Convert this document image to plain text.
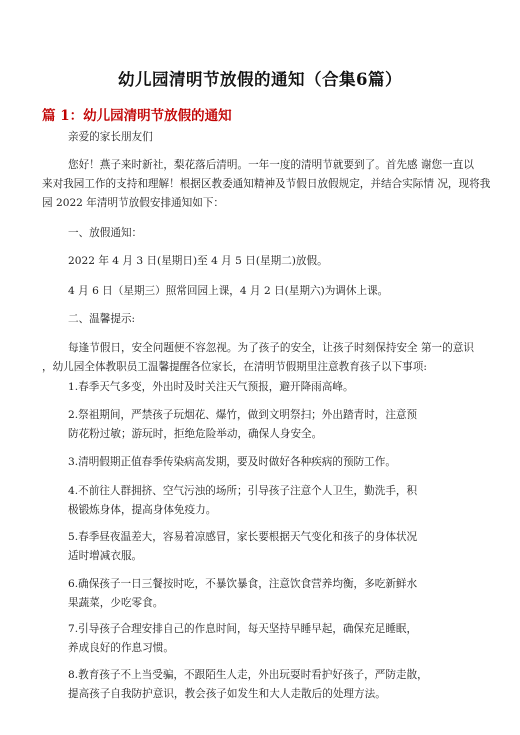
幼儿园清明节放假的通知（合集6篇）
篇 1：幼儿园清明节放假的通知
亲爱的家长朋友们
您好！燕子来时新社，梨花落后清明。一年一度的清明节就要到了。首先感 谢您一直以
来对我园工作的支持和理解！根据区教委通知精神及节假日放假规定，并结合实际情 况，现将我
园 2022 年清明节放假安排通知如下：
一、放假通知：
2022 年 4 月 3 日(星期日)至 4 月 5 日(星期二)放假。
4 月 6 日（星期三）照常回园上课，4 月 2 日(星期六)为调休上课。
二、温馨提示:
每逢节假日，安全问题便不容忽视。为了孩子的安全，让孩子时刻保持安全 第一的意识
，幼儿园全体教职员工温馨提醒各位家长，在清明节假期里注意教育孩子以下事项:
1.春季天气多变，外出时及时关注天气预报，避开降雨高峰。
2.祭祖期间，严禁孩子玩烟花、爆竹，做到文明祭扫；外出踏青时，注意预
防花粉过敏；游玩时，拒绝危险举动，确保人身安全。
3.清明假期正值春季传染病高发期，要及时做好各种疾病的预防工作。
4.不前往人群拥挤、空气污浊的场所；引导孩子注意个人卫生，勤洗手，积
极锻炼身体，提高身体免疫力。
5.春季昼夜温差大，容易着凉感冒，家长要根据天气变化和孩子的身体状况
适时增减衣服。
6.确保孩子一日三餐按时吃，不暴饮暴食，注意饮食营养均衡，多吃新鲜水
果蔬菜，少吃零食。
7.引导孩子合理安排自己的作息时间，每天坚持早睡早起，确保充足睡眠，
养成良好的作息习惯。
8.教育孩子不上当受骗，不跟陌生人走，外出玩耍时看护好孩子，严防走散，
提高孩子自我防护意识，教会孩子如发生和大人走散后的处理方法。
